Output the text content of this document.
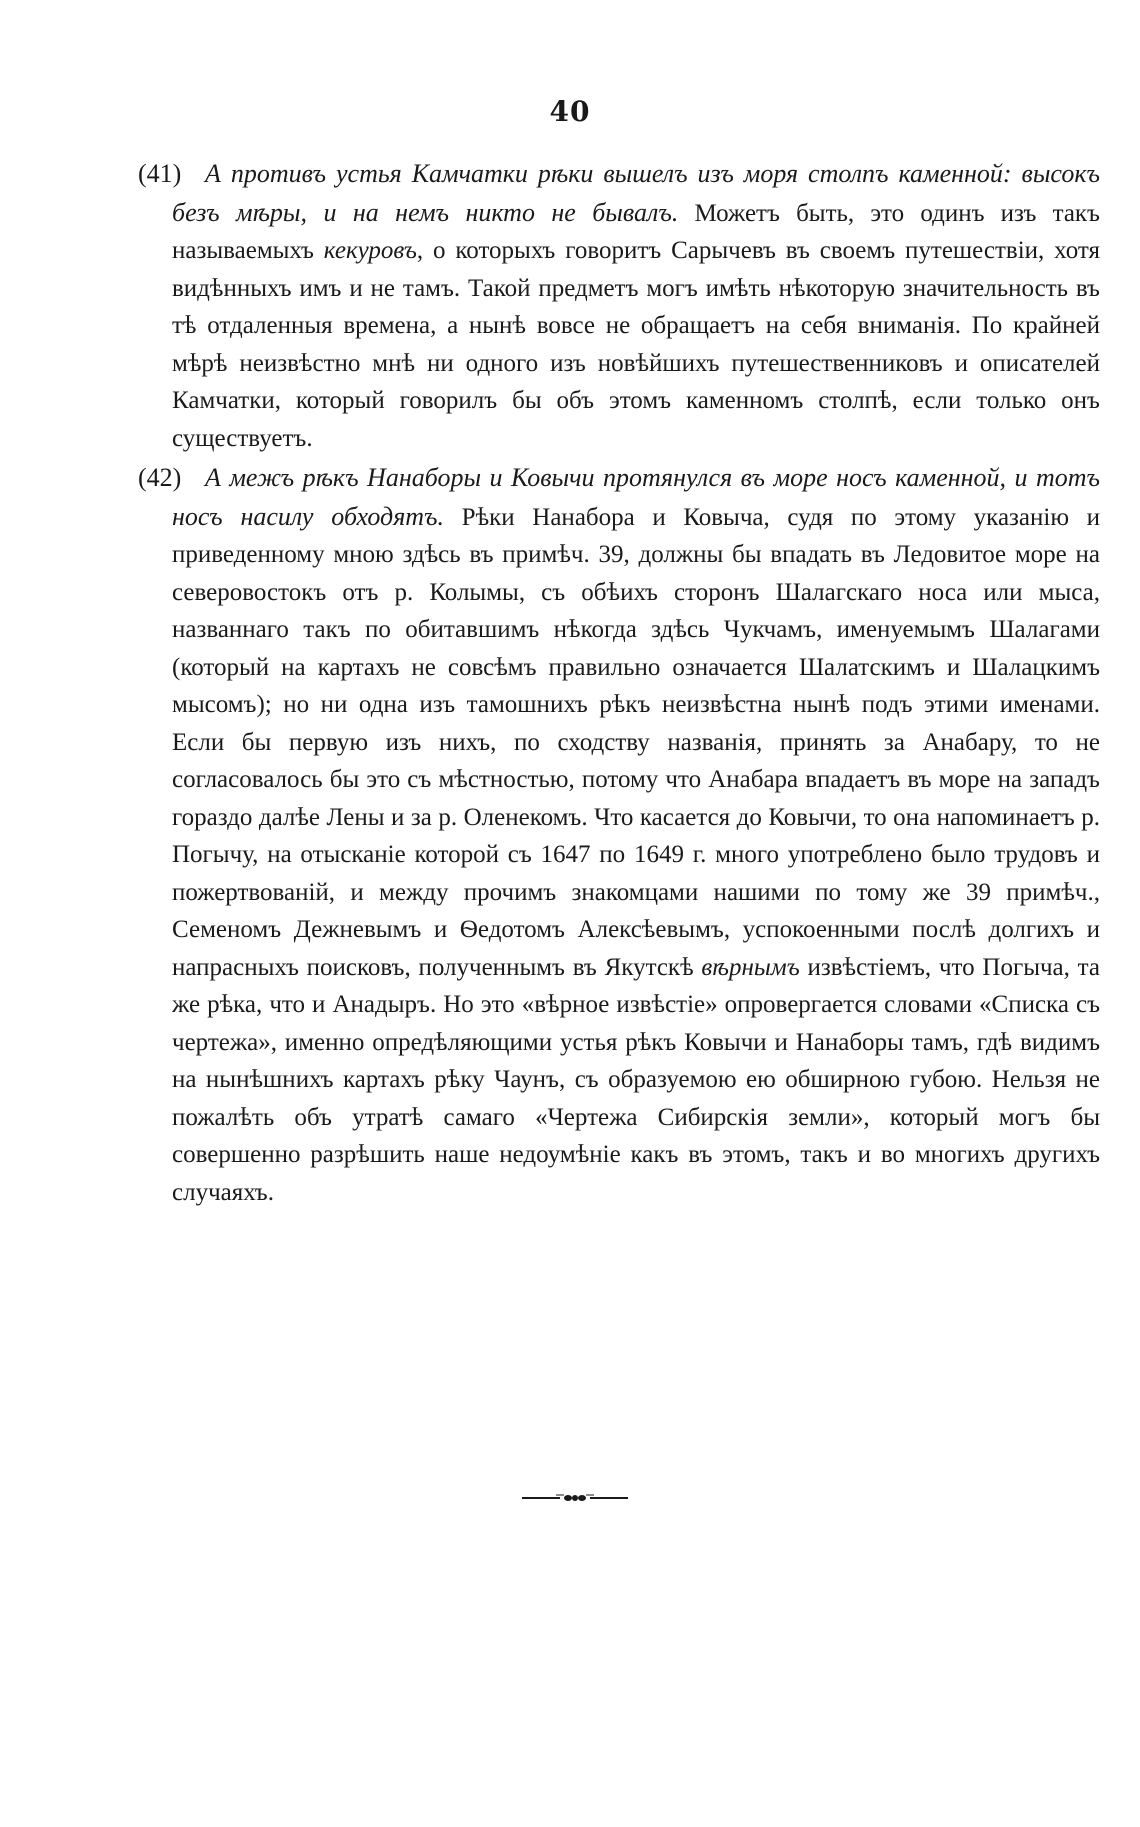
40
(41) А противъ устья Камчатки рѣки вышелъ изъ моря столпъ каменной: высокъ безъ мѣры, и на немъ никто не бывалъ. Можетъ быть, это одинъ изъ такъ называемыхъ кекуровъ, о которыхъ говоритъ Сарычевъ въ своемъ путешествіи, хотя видѣнныхъ имъ и не тамъ. Такой предметъ могъ имѣть нѣкоторую значительность въ тѣ отдаленныя времена, а нынѣ вовсе не обращаетъ на себя вниманія. По крайней мѣрѣ неизвѣстно мнѣ ни одного изъ новѣйшихъ путешественниковъ и описателей Камчатки, который говорилъ бы объ этомъ каменномъ столпѣ, если только онъ существуетъ.
(42) А межъ рѣкъ Нанаборы и Ковычи протянулся въ море носъ каменной, и тотъ носъ насилу обходятъ. Рѣки Нанабора и Ковыча, судя по этому указанію и приведенному мною здѣсь въ примѣч. 39, должны бы впадать въ Ледовитое море на северовостокъ отъ р. Колымы, съ обѣихъ сторонъ Шалагскаго носа или мыса, названнаго такъ по обитавшимъ нѣкогда здѣсь Чукчамъ, именуемымъ Шалагами (который на картахъ не совсѣмъ правильно означается Шалатскимъ и Шалацкимъ мысомъ); но ни одна изъ тамошнихъ рѣкъ неизвѣстна нынѣ подъ этими именами. Если бы первую изъ нихъ, по сходству названія, принять за Анабару, то не согласовалось бы это съ мѣстностью, потому что Анабара впадаетъ въ море на западъ гораздо далѣе Лены и за р. Оленекомъ. Что касается до Ковычи, то она напоминаетъ р. Погычу, на отысканіе которой съ 1647 по 1649 г. много употреблено было трудовъ и пожертвованій, и между прочимъ знакомцами нашими по тому же 39 примѣч., Семеномъ Дежневымъ и Ѳедотомъ Алексѣевымъ, успокоенными послѣ долгихъ и напрасныхъ поисковъ, полученнымъ въ Якутскѣ вѣрнымъ извѣстіемъ, что Погыча, та же рѣка, что и Анадыръ. Но это «вѣрное извѣстіе» опровергается словами «Списка съ чертежа», именно опредѣляющими устья рѣкъ Ковычи и Нанаборы тамъ, гдѣ видимъ на нынѣшнихъ картахъ рѣку Чаунъ, съ образуемою ею обширною губою. Нельзя не пожалѣть объ утратѣ самаго «Чертежа Сибирскія земли», который могъ бы совершенно разрѣшить наше недоумѣніе какъ въ этомъ, такъ и во многихъ другихъ случаяхъ.
